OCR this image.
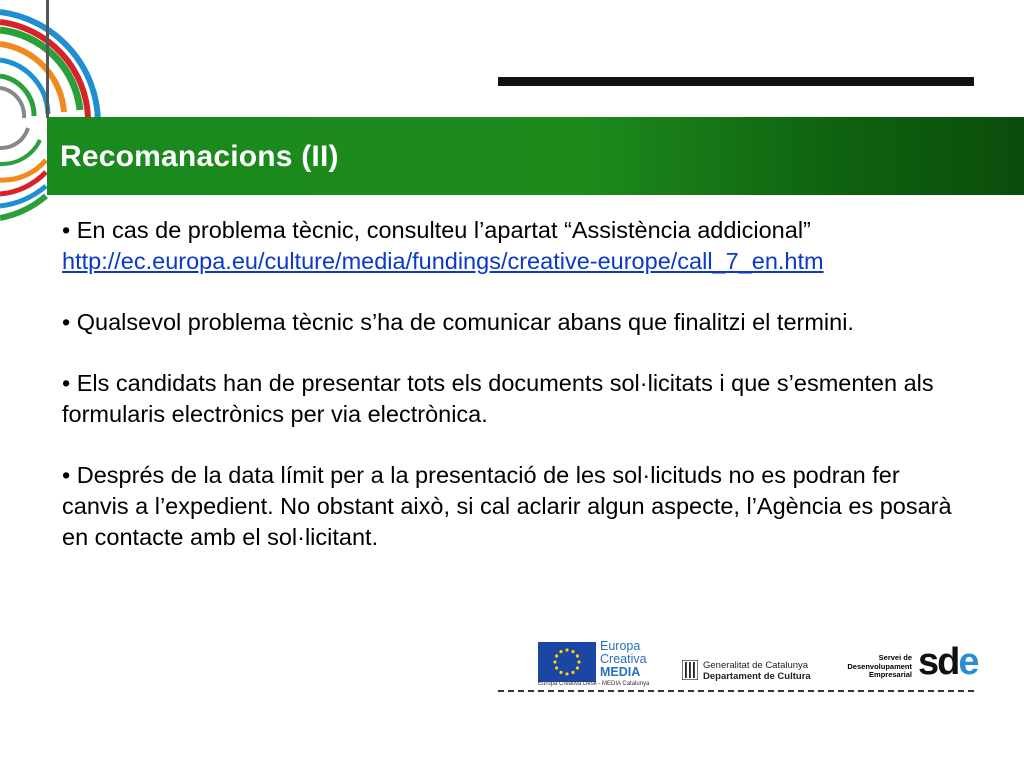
Recomanacions (II)

• En cas de problema tècnic, consulteu l’apartat “Assistència addicional” http://ec.europa.eu/culture/media/fundings/creative-europe/call_7_en.htm

• Qualsevol problema tècnic s’ha de comunicar abans que finalitzi el termini.

• Els candidats han de presentar tots els documents sol·licitats i que s’esmenten als formularis electrònics per via electrònica.

• Després de la data límit per a la presentació de les sol·licituds no es podran fer canvis a l’expedient. No obstant això, si cal aclarir algun aspecte, l’Agència es posarà en contacte amb el sol·licitant.

Europa
Creativa
MEDIA
Europa Creativa Desk - MEDIA Catalunya
Generalitat de Catalunya
Departament de Cultura
Servei de
Desenvolupament
Empresarial sde
